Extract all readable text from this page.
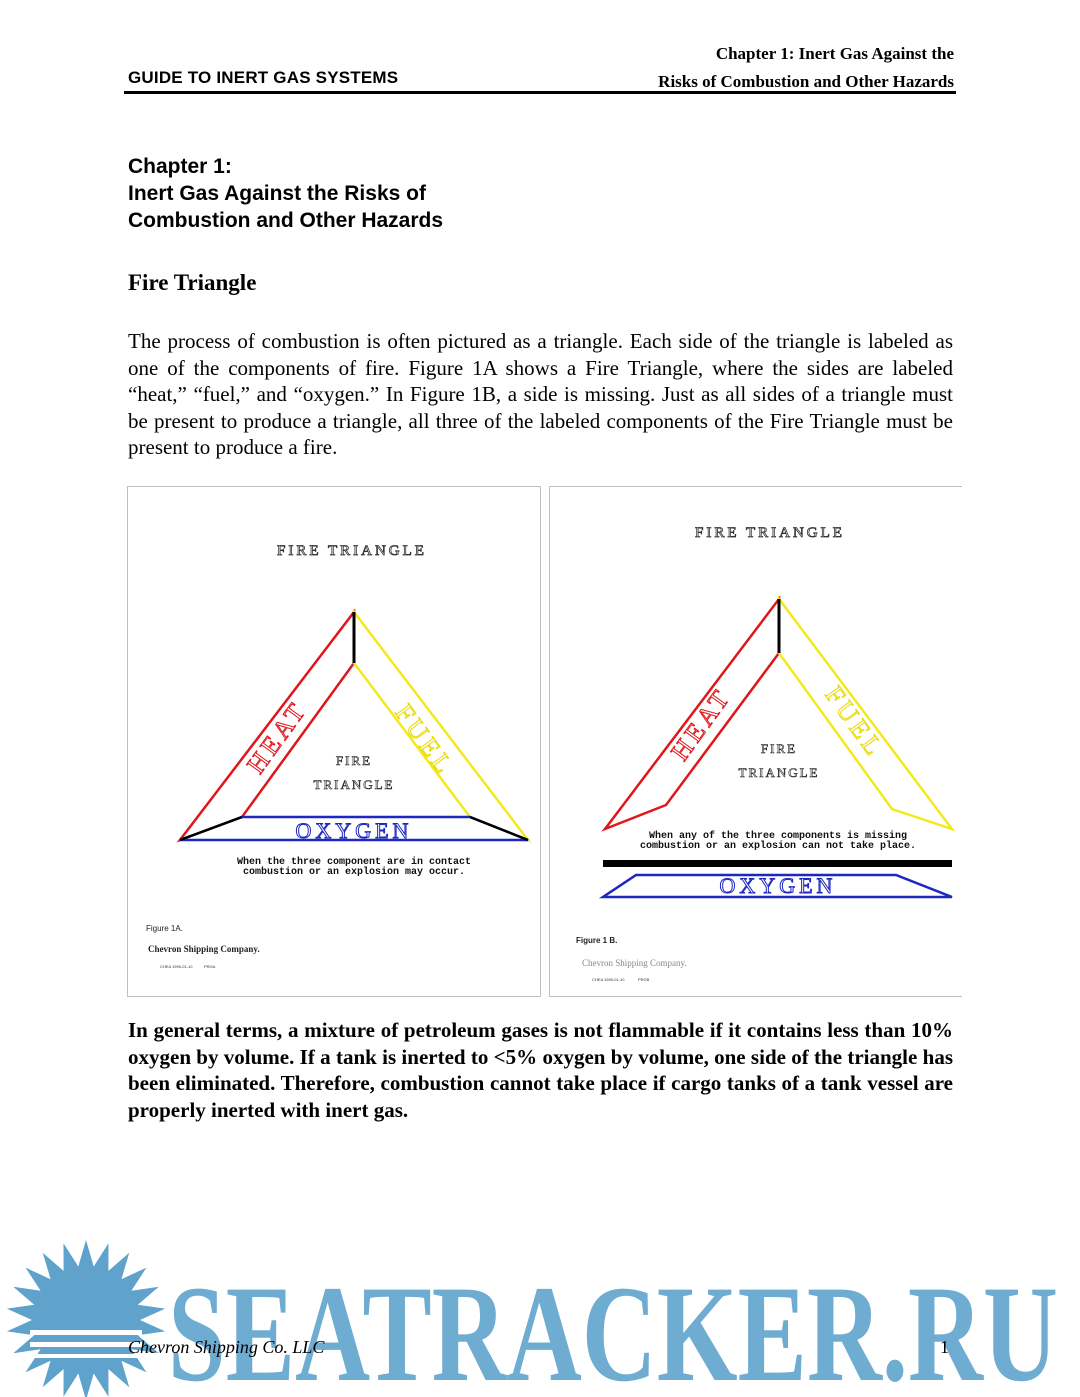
GUIDE TO INERT GAS SYSTEMS
Chapter 1: Inert Gas Against the
Risks of Combustion and Other Hazards
Chapter 1:
Inert Gas Against the Risks of
Combustion and Other Hazards
Fire Triangle

The process of combustion is often pictured as a triangle. Each side of the triangle is labeled as one of the components of fire. Figure 1A shows a Fire Triangle, where the sides are labeled “heat,” “fuel,” and “oxygen.” In Figure 1B, a side is missing. Just as all sides of a triangle must be present to produce a triangle, all three of the labeled components of the Fire Triangle must be present to produce a fire.

FIRE TRIANGLE
HEAT	FUEL
OXYGEN
FIRE
TRIANGLE
When the three component are in contact
combustion or an explosion may occur.
Figure 1A.
Chevron Shipping Company.
CHEA 1995-01-10	PRGA
FIRE TRIANGLE
HEAT	FUEL
OXYGEN
FIRE
TRIANGLE
When any of the three components is missing
combustion or an explosion can not take place.
Figure 1 B.
Chevron Shipping Company.
CHEA 1995-01-10	PRGB

In general terms, a mixture of petroleum gases is not flammable if it contains less than 10% oxygen by volume. If a tank is inerted to <5% oxygen by volume, one side of the triangle has been eliminated. Therefore, combustion cannot take place if cargo tanks of a tank vessel are properly inerted with inert gas.

SEATRACKER.RU
Chevron Shipping Co. LLC	1
